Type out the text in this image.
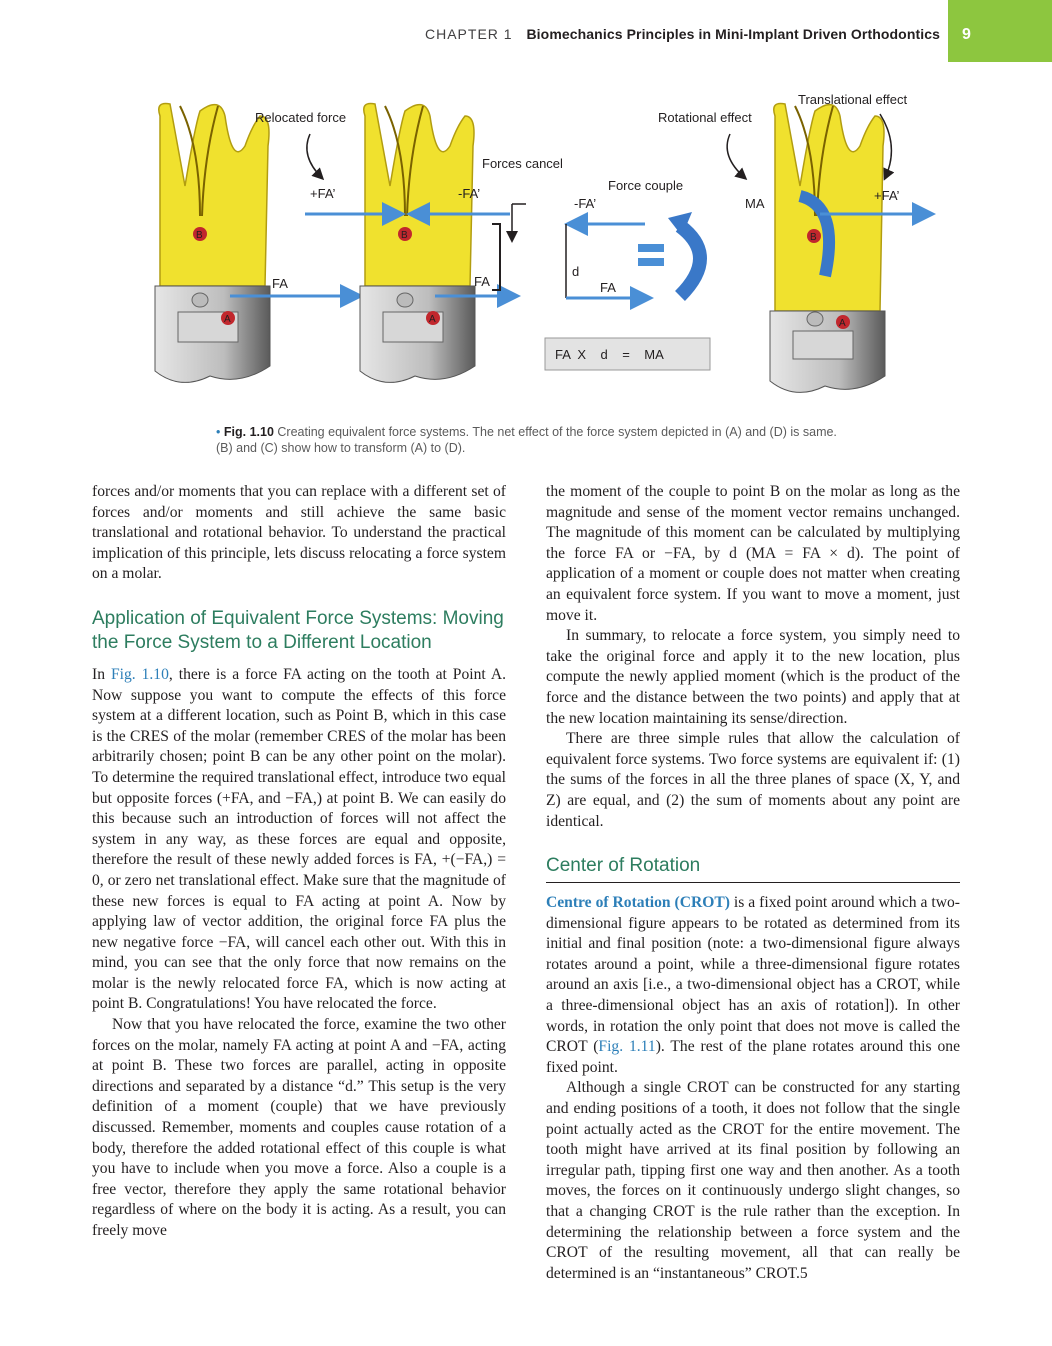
CHAPTER 1 Biomechanics Principles in Mini-Implant Driven Orthodontics 9
B
A
FA
B
A
+FA’	-FA’
FA
Relocated force
Forces cancel
Force couple
-FA’
d
FA
FA  X    d    =    MA
Rotational effect
Translational effect
B
A
MA
+FA’
• Fig. 1.10 Creating equivalent force systems. The net effect of the force system depicted in (A) and (D) is same. (B) and (C) show how to transform (A) to (D).

forces and/or moments that you can replace with a different set of forces and/or moments and still achieve the same basic translational and rotational behavior. To understand the practical implication of this principle, lets discuss relocating a force system on a molar.

Application of Equivalent Force Systems: Moving the Force System to a Different Location

In Fig. 1.10, there is a force FA acting on the tooth at Point A. Now suppose you want to compute the effects of this force system at a different location, such as Point B, which in this case is the CRES of the molar (remember CRES of the molar has been arbitrarily chosen; point B can be any other point on the molar). To determine the required translational effect, introduce two equal but opposite forces (+FA, and −FA,) at point B. We can easily do this because such an introduction of forces will not affect the system in any way, as these forces are equal and opposite, therefore the result of these newly added forces is FA, +(−FA,) = 0, or zero net translational effect. Make sure that the magnitude of these new forces is equal to FA acting at point A. Now by applying law of vector addition, the original force FA plus the new negative force −FA, will cancel each other out. With this in mind, you can see that the only force that now remains on the molar is the newly relocated force FA, which is now acting at point B. Congratulations! You have relocated the force.

Now that you have relocated the force, examine the two other forces on the molar, namely FA acting at point A and −FA, acting at point B. These two forces are parallel, acting in opposite directions and separated by a distance “d.” This setup is the very definition of a moment (couple) that we have previously discussed. Remember, moments and couples cause rotation of a body, therefore the added rotational effect of this couple is what you have to include when you move a force. Also a couple is a free vector, therefore they apply the same rotational behavior regardless of where on the body it is acting. As a result, you can freely move

the moment of the couple to point B on the molar as long as the magnitude and sense of the moment vector remains unchanged. The magnitude of this moment can be calculated by multiplying the force FA or −FA, by d (MA = FA × d). The point of application of a moment or couple does not matter when creating an equivalent force system. If you want to move a moment, just move it.

In summary, to relocate a force system, you simply need to take the original force and apply it to the new location, plus compute the newly applied moment (which is the product of the force and the distance between the two points) and apply that at the new location maintaining its sense/direction.

There are three simple rules that allow the calculation of equivalent force systems. Two force systems are equivalent if: (1) the sums of the forces in all the three planes of space (X, Y, and Z) are equal, and (2) the sum of moments about any point are identical.

Center of Rotation

Centre of Rotation (CROT) is a fixed point around which a two-dimensional figure appears to be rotated as determined from its initial and final position (note: a two-dimensional figure always rotates around a point, while a three-dimensional figure rotates around an axis [i.e., a two-dimensional object has a CROT, while a three-dimensional object has an axis of rotation]). In other words, in rotation the only point that does not move is called the CROT (Fig. 1.11). The rest of the plane rotates around this one fixed point.

Although a single CROT can be constructed for any starting and ending positions of a tooth, it does not follow that the single point actually acted as the CROT for the entire movement. The tooth might have arrived at its final position by following an irregular path, tipping first one way and then another. As a tooth moves, the forces on it continuously undergo slight changes, so that a changing CROT is the rule rather than the exception. In determining the relationship between a force system and the CROT of the resulting movement, all that can really be determined is an “instantaneous” CROT.5
